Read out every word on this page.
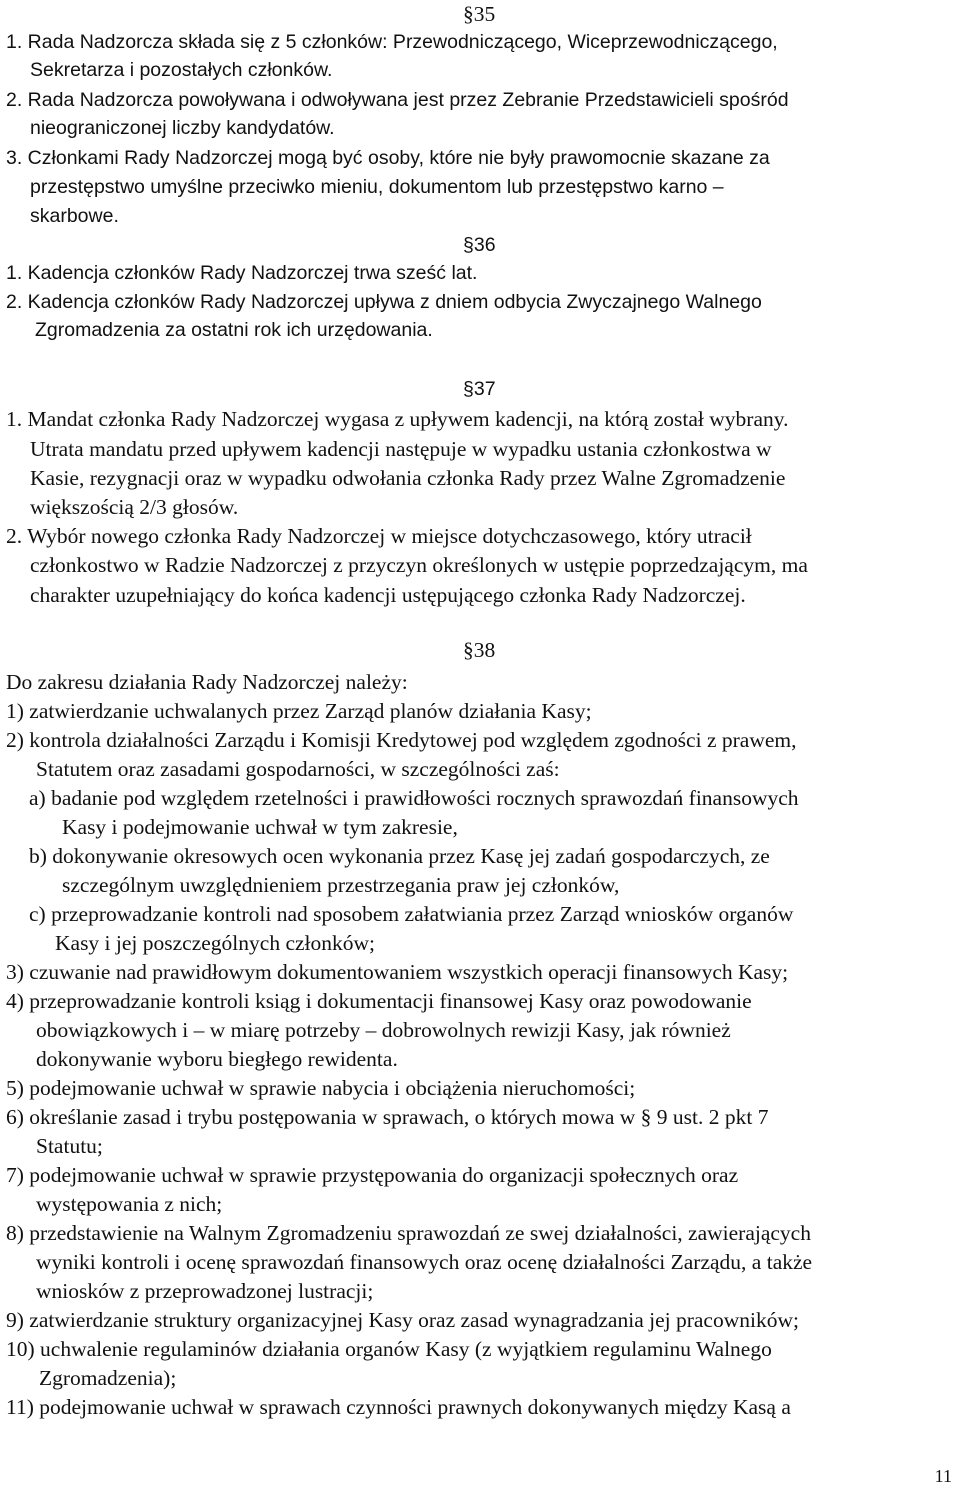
§35
1. Rada Nadzorcza składa się z 5 członków: Przewodniczącego, Wiceprzewodniczącego,
Sekretarza i pozostałych członków.
2. Rada Nadzorcza powoływana i odwoływana jest przez Zebranie Przedstawicieli spośród
nieograniczonej liczby kandydatów.
3. Członkami Rady Nadzorczej mogą być osoby, które nie były prawomocnie skazane za
przestępstwo umyślne przeciwko mieniu, dokumentom lub przestępstwo karno –
skarbowe.
§36
1. Kadencja członków Rady Nadzorczej trwa sześć lat.
2. Kadencja członków Rady Nadzorczej upływa z dniem odbycia Zwyczajnego Walnego
Zgromadzenia za ostatni rok ich urzędowania.
§37
1. Mandat członka Rady Nadzorczej wygasa z upływem kadencji, na którą został wybrany.
Utrata mandatu przed upływem kadencji następuje w wypadku ustania członkostwa w
Kasie, rezygnacji oraz w wypadku odwołania członka Rady przez Walne Zgromadzenie
większością 2/3 głosów.
2. Wybór nowego członka Rady Nadzorczej w miejsce dotychczasowego, który utracił
członkostwo w Radzie Nadzorczej z przyczyn określonych w ustępie poprzedzającym, ma
charakter uzupełniający do końca kadencji ustępującego członka Rady Nadzorczej.
§38
Do zakresu działania Rady Nadzorczej należy:
1) zatwierdzanie uchwalanych przez Zarząd planów działania Kasy;
2) kontrola działalności Zarządu i Komisji Kredytowej pod względem zgodności z prawem,
Statutem oraz zasadami gospodarności, w szczególności zaś:
a) badanie pod względem rzetelności i prawidłowości rocznych sprawozdań finansowych
Kasy i podejmowanie uchwał w tym zakresie,
b) dokonywanie okresowych ocen wykonania przez Kasę jej zadań gospodarczych, ze
szczególnym uwzględnieniem przestrzegania praw jej członków,
c) przeprowadzanie kontroli nad sposobem załatwiania przez Zarząd wniosków organów
Kasy i jej poszczególnych członków;
3) czuwanie nad prawidłowym dokumentowaniem wszystkich operacji finansowych Kasy;
4) przeprowadzanie kontroli ksiąg i dokumentacji finansowej Kasy oraz powodowanie
obowiązkowych i – w miarę potrzeby – dobrowolnych rewizji Kasy, jak również
dokonywanie wyboru biegłego rewidenta.
5) podejmowanie uchwał w sprawie nabycia i obciążenia nieruchomości;
6) określanie zasad i trybu postępowania w sprawach, o których mowa w § 9 ust. 2 pkt 7
Statutu;
7) podejmowanie uchwał w sprawie przystępowania do organizacji społecznych oraz
występowania z nich;
8) przedstawienie na Walnym Zgromadzeniu sprawozdań ze swej działalności, zawierających
wyniki kontroli i ocenę sprawozdań finansowych oraz ocenę działalności Zarządu, a także
wniosków z przeprowadzonej lustracji;
9) zatwierdzanie struktury organizacyjnej Kasy oraz zasad wynagradzania jej pracowników;
10) uchwalenie regulaminów działania organów Kasy (z wyjątkiem regulaminu Walnego
Zgromadzenia);
11) podejmowanie uchwał w sprawach czynności prawnych dokonywanych między Kasą a
11
